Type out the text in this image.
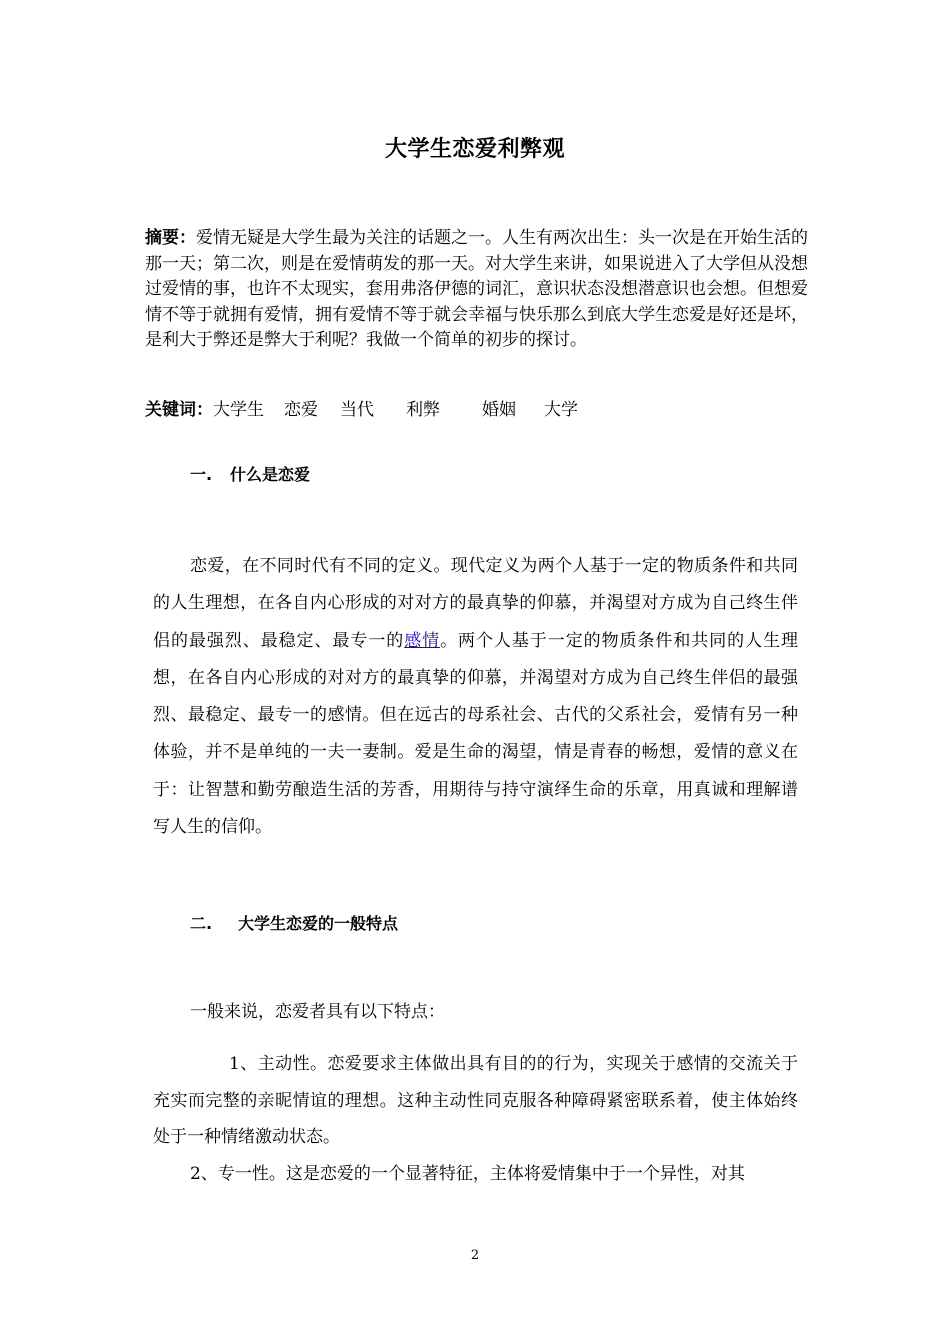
大学生恋爱利弊观
摘要：爱情无疑是大学生最为关注的话题之一。人生有两次出生：头一次是在开始生活的那一天；第二次，则是在爱情萌发的那一天。对大学生来讲，如果说进入了大学但从没想过爱情的事，也许不太现实，套用弗洛伊德的词汇，意识状态没想潜意识也会想。但想爱情不等于就拥有爱情，拥有爱情不等于就会幸福与快乐那么到底大学生恋爱是好还是坏，是利大于弊还是弊大于利呢？我做一个简单的初步的探讨。
关键词：大学生 恋爱 当代 利弊 婚姻 大学
一. 什么是恋爱
恋爱，在不同时代有不同的定义。现代定义为两个人基于一定的物质条件和共同的人生理想，在各自内心形成的对对方的最真挚的仰慕，并渴望对方成为自己终生伴侣的最强烈、最稳定、最专一的感情。两个人基于一定的物质条件和共同的人生理想，在各自内心形成的对对方的最真挚的仰慕，并渴望对方成为自己终生伴侣的最强烈、最稳定、最专一的感情。但在远古的母系社会、古代的父系社会，爱情有另一种体验，并不是单纯的一夫一妻制。爱是生命的渴望，情是青春的畅想，爱情的意义在于：让智慧和勤劳酿造生活的芳香，用期待与持守演绎生命的乐章，用真诚和理解谱写人生的信仰。
二. 大学生恋爱的一般特点
一般来说，恋爱者具有以下特点：
1、主动性。恋爱要求主体做出具有目的的行为，实现关于感情的交流关于充实而完整的亲昵情谊的理想。这种主动性同克服各种障碍紧密联系着，使主体始终处于一种情绪激动状态。
2、专一性。这是恋爱的一个显著特征，主体将爱情集中于一个异性，对其
2
